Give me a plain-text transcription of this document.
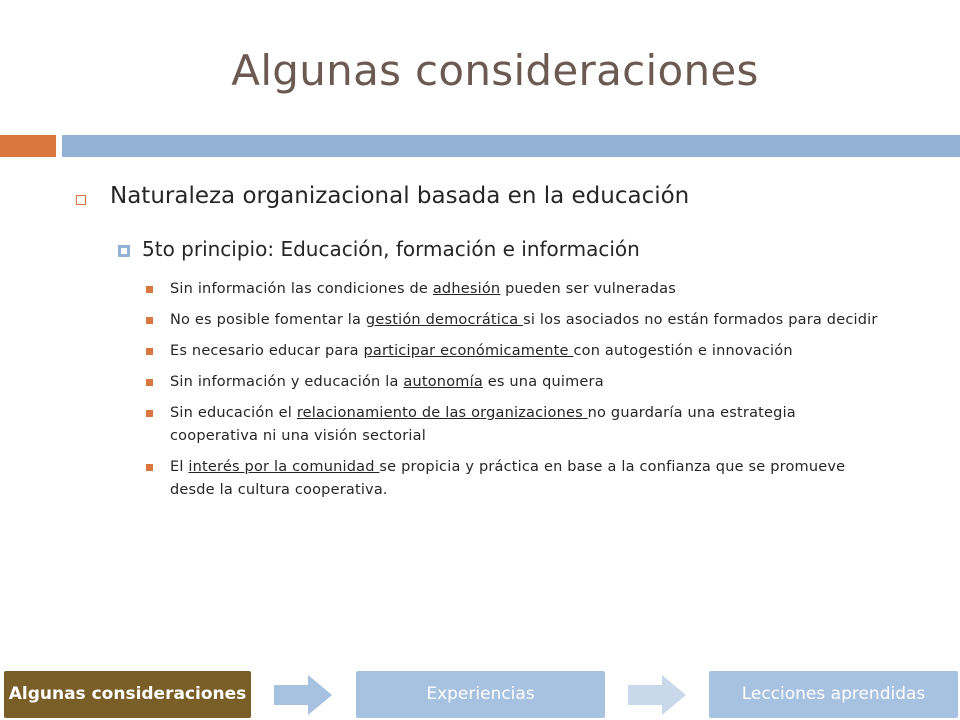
Algunas consideraciones
Naturaleza organizacional basada en la educación
5to principio: Educación, formación e información
Sin información las condiciones de adhesión pueden ser vulneradas
No es posible fomentar la gestión democrática si los asociados no están formados para decidir
Es necesario educar para participar económicamente con autogestión e innovación
Sin información y educación la autonomía es una quimera
Sin educación el relacionamiento de las organizaciones no guardaría una estrategia cooperativa ni una visión sectorial
El interés por la comunidad se propicia y práctica en base a la confianza que se promueve desde la cultura cooperativa.
Algunas consideraciones	Experiencias	Lecciones aprendidas
